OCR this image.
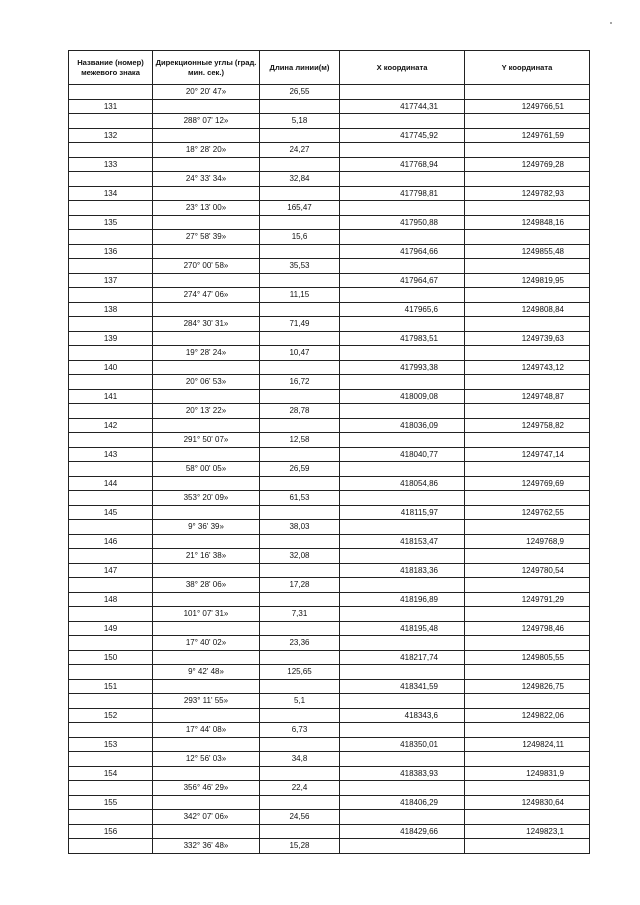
Название (номер) межевого знака	Дирекционные углы (град. мин. сек.)	Длина линии(м)	X координата	Y координата
	20° 20' 47»	26,55		
131			417744,31	1249766,51
	288° 07' 12»	5,18		
132			417745,92	1249761,59
	18° 28' 20»	24,27		
133			417768,94	1249769,28
	24° 33' 34»	32,84		
134			417798,81	1249782,93
	23° 13' 00»	165,47		
135			417950,88	1249848,16
	27° 58' 39»	15,6		
136			417964,66	1249855,48
	270° 00' 58»	35,53		
137			417964,67	1249819,95
	274° 47' 06»	11,15		
138			417965,6	1249808,84
	284° 30' 31»	71,49		
139			417983,51	1249739,63
	19° 28' 24»	10,47		
140			417993,38	1249743,12
	20° 06' 53»	16,72		
141			418009,08	1249748,87
	20° 13' 22»	28,78		
142			418036,09	1249758,82
	291° 50' 07»	12,58		
143			418040,77	1249747,14
	58° 00' 05»	26,59		
144			418054,86	1249769,69
	353° 20' 09»	61,53		
145			418115,97	1249762,55
	9° 36' 39»	38,03		
146			418153,47	1249768,9
	21° 16' 38»	32,08		
147			418183,36	1249780,54
	38° 28' 06»	17,28		
148			418196,89	1249791,29
	101° 07' 31»	7,31		
149			418195,48	1249798,46
	17° 40' 02»	23,36		
150			418217,74	1249805,55
	9° 42' 48»	125,65		
151			418341,59	1249826,75
	293° 11' 55»	5,1		
152			418343,6	1249822,06
	17° 44' 08»	6,73		
153			418350,01	1249824,11
	12° 56' 03»	34,8		
154			418383,93	1249831,9
	356° 46' 29»	22,4		
155			418406,29	1249830,64
	342° 07' 06»	24,56		
156			418429,66	1249823,1
	332° 36' 48»	15,28		
